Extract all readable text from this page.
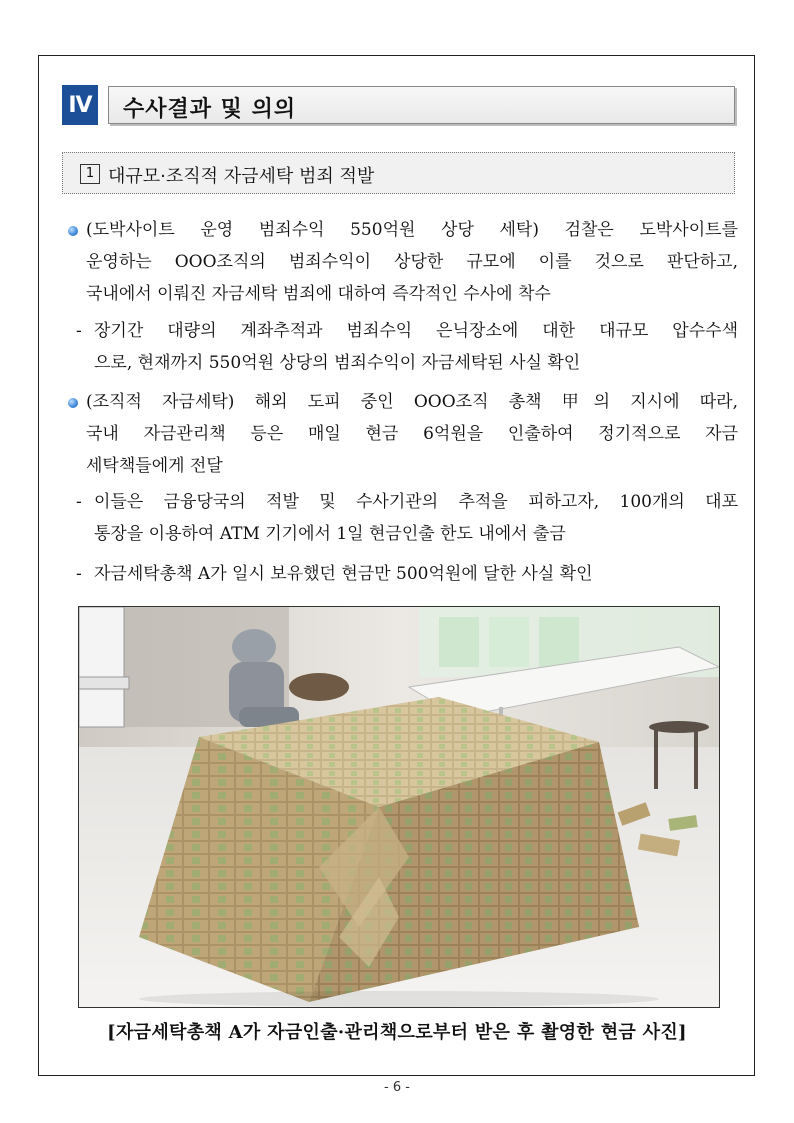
Ⅳ 수사결과 및 의의
1 대규모·조직적 자금세탁 범죄 적발
(도박사이트 운영 범죄수익 550억원 상당 세탁) 검찰은 도박사이트를
운영하는 OOO조직의 범죄수익이 상당한 규모에 이를 것으로 판단하고,
국내에서 이뤄진 자금세탁 범죄에 대하여 즉각적인 수사에 착수
- 장기간 대량의 계좌추적과 범죄수익 은닉장소에 대한 대규모 압수수색
으로, 현재까지 550억원 상당의 범죄수익이 자금세탁된 사실 확인
(조직적 자금세탁) 해외 도피 중인 OOO조직 총책 甲의 지시에 따라,
국내 자금관리책 등은 매일 현금 6억원을 인출하여 정기적으로 자금
세탁책들에게 전달
- 이들은 금융당국의 적발 및 수사기관의 추적을 피하고자, 100개의 대포
통장을 이용하여 ATM 기기에서 1일 현금인출 한도 내에서 출금
- 자금세탁총책 A가 일시 보유했던 현금만 500억원에 달한 사실 확인
[자금세탁총책 A가 자금인출·관리책으로부터 받은 후 촬영한 현금 사진]
- 6 -
